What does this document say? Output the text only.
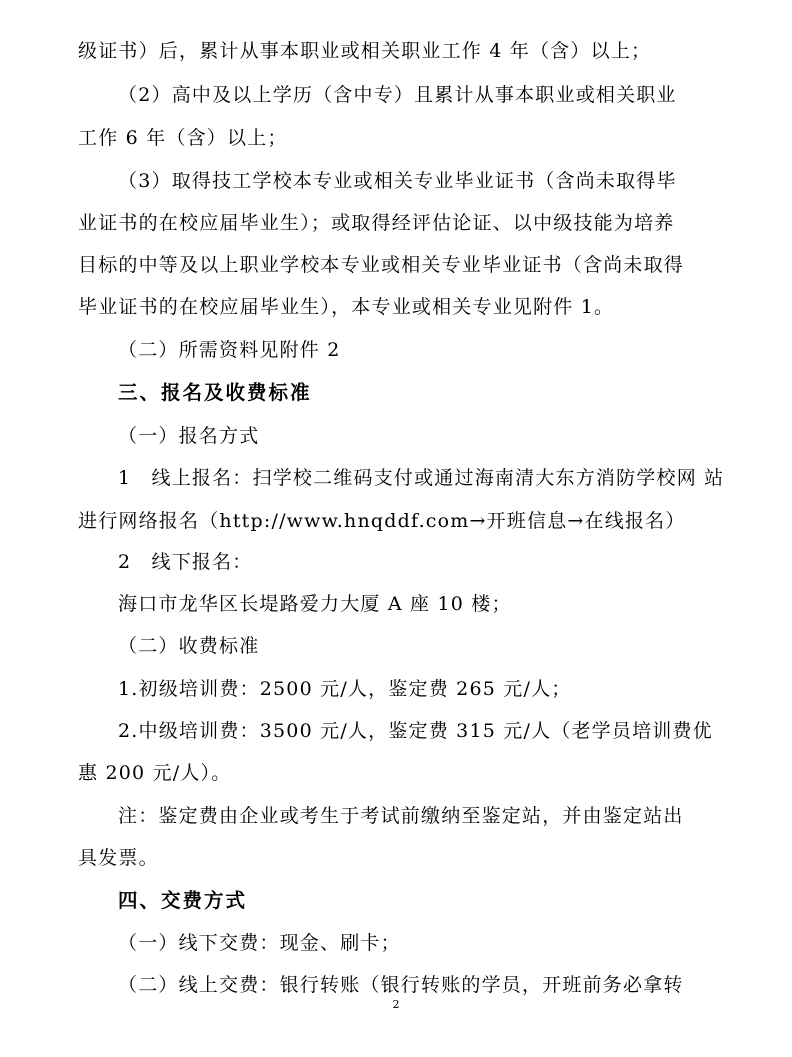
级证书）后，累计从事本职业或相关职业工作 4 年（含）以上；
（2）高中及以上学历（含中专）且累计从事本职业或相关职业
工作 6 年（含）以上；
（3）取得技工学校本专业或相关专业毕业证书（含尚未取得毕
业证书的在校应届毕业生）；或取得经评估论证、以中级技能为培养
目标的中等及以上职业学校本专业或相关专业毕业证书（含尚未取得
毕业证书的在校应届毕业生），本专业或相关专业见附件 1。
（二）所需资料见附件 2
三、报名及收费标准
（一）报名方式
1　线上报名：扫学校二维码支付或通过海南清大东方消防学校网 站
进行网络报名（http://www.hnqddf.com→开班信息→在线报名）
2　线下报名：
海口市龙华区长堤路爱力大厦 A 座 10 楼；
（二）收费标准
1.初级培训费：2500 元/人，鉴定费 265 元/人；
2.中级培训费：3500 元/人，鉴定费 315 元/人（老学员培训费优
惠 200 元/人）。
注：鉴定费由企业或考生于考试前缴纳至鉴定站，并由鉴定站出
具发票。
四、交费方式
（一）线下交费：现金、刷卡；
（二）线上交费：银行转账（银行转账的学员，开班前务必拿转
2
